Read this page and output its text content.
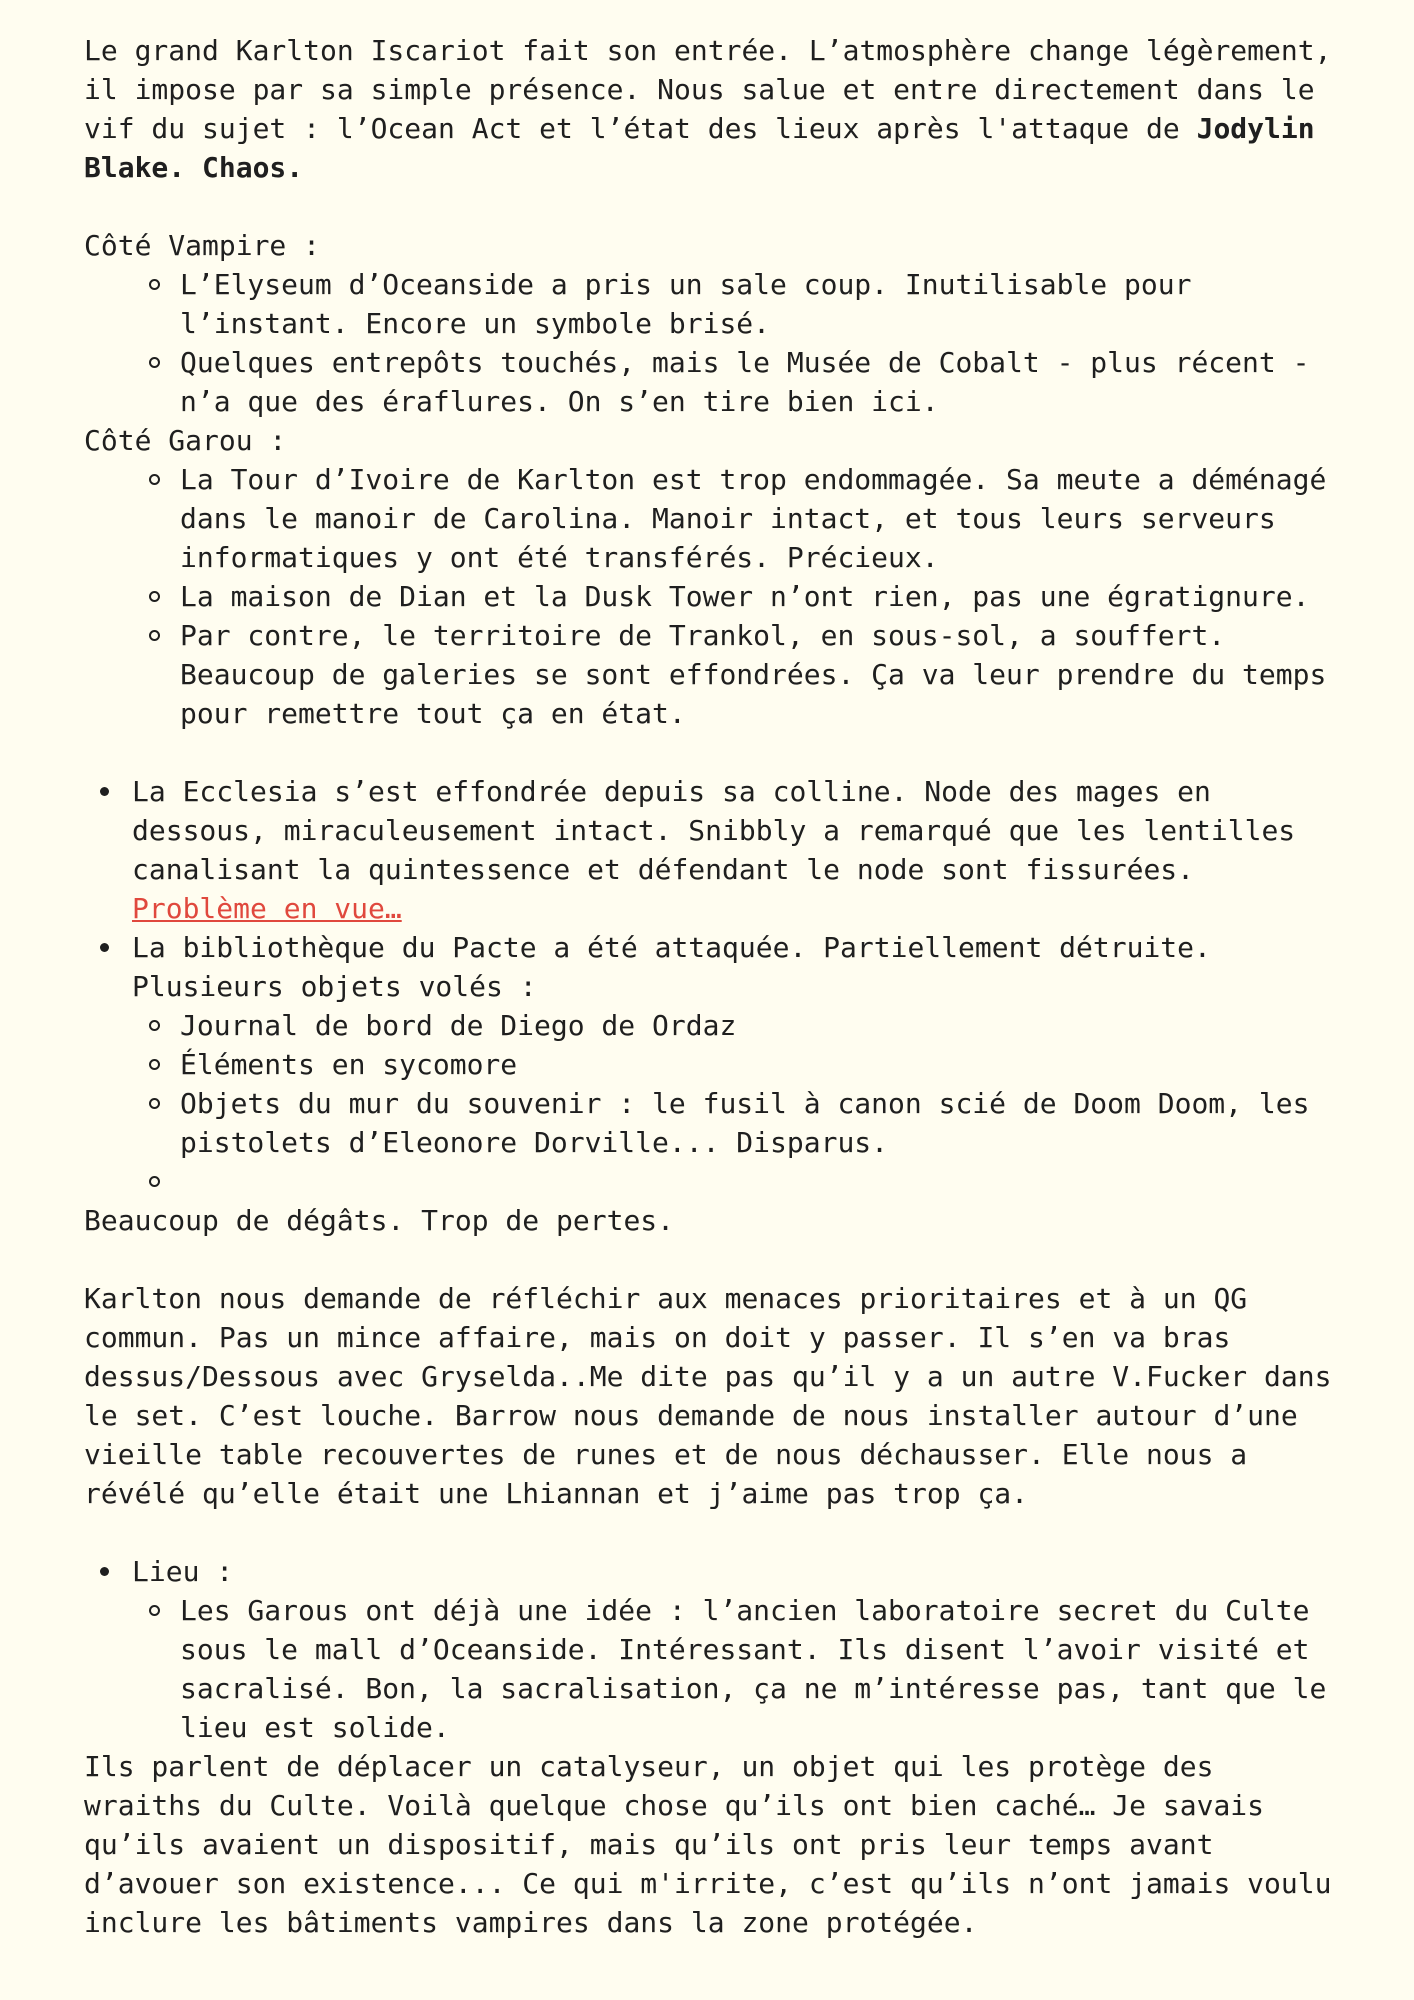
Le grand Karlton Iscariot fait son entrée. L’atmosphère change légèrement, il impose par sa simple présence. Nous salue et entre directement dans le vif du sujet : l’Ocean Act et l’état des lieux après l'attaque de Jodylin Blake. Chaos.

Côté Vampire :

L’Elyseum d’Oceanside a pris un sale coup. Inutilisable pour l’instant. Encore un symbole brisé.
Quelques entrepôts touchés, mais le Musée de Cobalt - plus récent - n’a que des éraflures. On s’en tire bien ici.

Côté Garou :

La Tour d’Ivoire de Karlton est trop endommagée. Sa meute a déménagé dans le manoir de Carolina. Manoir intact, et tous leurs serveurs informatiques y ont été transférés. Précieux.
La maison de Dian et la Dusk Tower n’ont rien, pas une égratignure.
Par contre, le territoire de Trankol, en sous-sol, a souffert. Beaucoup de galeries se sont effondrées. Ça va leur prendre du temps pour remettre tout ça en état.
La Ecclesia s’est effondrée depuis sa colline. Node des mages en dessous, miraculeusement intact. Snibbly a remarqué que les lentilles canalisant la quintessence et défendant le node sont fissurées. Problème en vue…
La bibliothèque du Pacte a été attaquée. Partiellement détruite. Plusieurs objets volés :
Journal de bord de Diego de Ordaz
Éléments en sycomore
Objets du mur du souvenir : le fusil à canon scié de Doom Doom, les pistolets d’Eleonore Dorville... Disparus.

Beaucoup de dégâts. Trop de pertes.

Karlton nous demande de réfléchir aux menaces prioritaires et à un QG commun. Pas un mince affaire, mais on doit y passer. Il s’en va bras dessus/Dessous avec Gryselda..Me dite pas qu’il y a un autre V.Fucker dans le set. C’est louche. Barrow nous demande de nous installer autour d’une vieille table recouvertes de runes et de nous déchausser. Elle nous a révélé qu’elle était une Lhiannan et j’aime pas trop ça.

Lieu :
Les Garous ont déjà une idée : l’ancien laboratoire secret du Culte sous le mall d’Oceanside. Intéressant. Ils disent l’avoir visité et sacralisé. Bon, la sacralisation, ça ne m’intéresse pas, tant que le lieu est solide.

Ils parlent de déplacer un catalyseur, un objet qui les protège des wraiths du Culte. Voilà quelque chose qu’ils ont bien caché… Je savais qu’ils avaient un dispositif, mais qu’ils ont pris leur temps avant d’avouer son existence... Ce qui m'irrite, c’est qu’ils n’ont jamais voulu inclure les bâtiments vampires dans la zone protégée.
